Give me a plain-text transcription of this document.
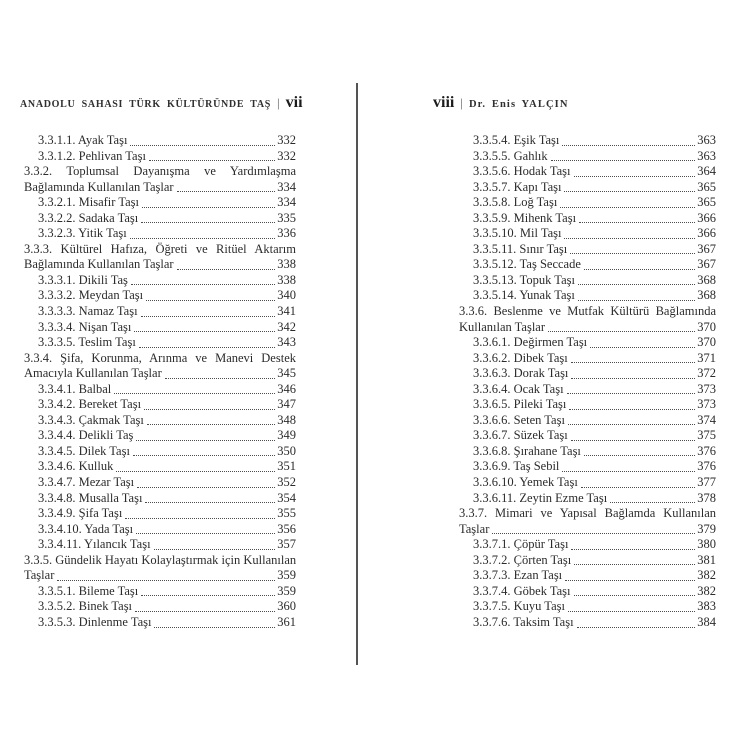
ANADOLU SAHASI TÜRK KÜLTÜRÜNDE TAŞ | vii
3.3.1.1. Ayak Taşı	332
3.3.1.2. Pehlivan Taşı	332
3.3.2. Toplumsal Dayanışma ve Yardımlaşma
Bağlamında Kullanılan Taşlar	334
3.3.2.1. Misafir Taşı	334
3.3.2.2. Sadaka Taşı	335
3.3.2.3. Yitik Taşı	336
3.3.3. Kültürel Hafıza, Öğreti ve Ritüel Aktarım
Bağlamında Kullanılan Taşlar	338
3.3.3.1. Dikili Taş	338
3.3.3.2. Meydan Taşı	340
3.3.3.3. Namaz Taşı	341
3.3.3.4. Nişan Taşı	342
3.3.3.5. Teslim Taşı	343
3.3.4. Şifa, Korunma, Arınma ve Manevi Destek
Amacıyla Kullanılan Taşlar	345
3.3.4.1. Balbal	346
3.3.4.2. Bereket Taşı	347
3.3.4.3. Çakmak Taşı	348
3.3.4.4. Delikli Taş	349
3.3.4.5. Dilek Taşı	350
3.3.4.6. Kulluk	351
3.3.4.7. Mezar Taşı	352
3.3.4.8. Musalla Taşı	354
3.3.4.9. Şifa Taşı	355
3.3.4.10. Yada Taşı	356
3.3.4.11. Yılancık Taşı	357
3.3.5. Gündelik Hayatı Kolaylaştırmak için Kullanılan
Taşlar	359
3.3.5.1. Bileme Taşı	359
3.3.5.2. Binek Taşı	360
3.3.5.3. Dinlenme Taşı	361
viii | Dr. Enis YALÇIN
3.3.5.4. Eşik Taşı	363
3.3.5.5. Gahlık	363
3.3.5.6. Hodak Taşı	364
3.3.5.7. Kapı Taşı	365
3.3.5.8. Loğ Taşı	365
3.3.5.9. Mihenk Taşı	366
3.3.5.10. Mil Taşı	366
3.3.5.11. Sınır Taşı	367
3.3.5.12. Taş Seccade	367
3.3.5.13. Topuk Taşı	368
3.3.5.14. Yunak Taşı	368
3.3.6. Beslenme ve Mutfak Kültürü Bağlamında
Kullanılan Taşlar	370
3.3.6.1. Değirmen Taşı	370
3.3.6.2. Dibek Taşı	371
3.3.6.3. Dorak Taşı	372
3.3.6.4. Ocak Taşı	373
3.3.6.5. Pileki Taşı	373
3.3.6.6. Seten Taşı	374
3.3.6.7. Süzek Taşı	375
3.3.6.8. Şırahane Taşı	376
3.3.6.9. Taş Sebil	376
3.3.6.10. Yemek Taşı	377
3.3.6.11. Zeytin Ezme Taşı	378
3.3.7. Mimari ve Yapısal Bağlamda Kullanılan
Taşlar	379
3.3.7.1. Çöpür Taşı	380
3.3.7.2. Çörten Taşı	381
3.3.7.3. Ezan Taşı	382
3.3.7.4. Göbek Taşı	382
3.3.7.5. Kuyu Taşı	383
3.3.7.6. Taksim Taşı	384
